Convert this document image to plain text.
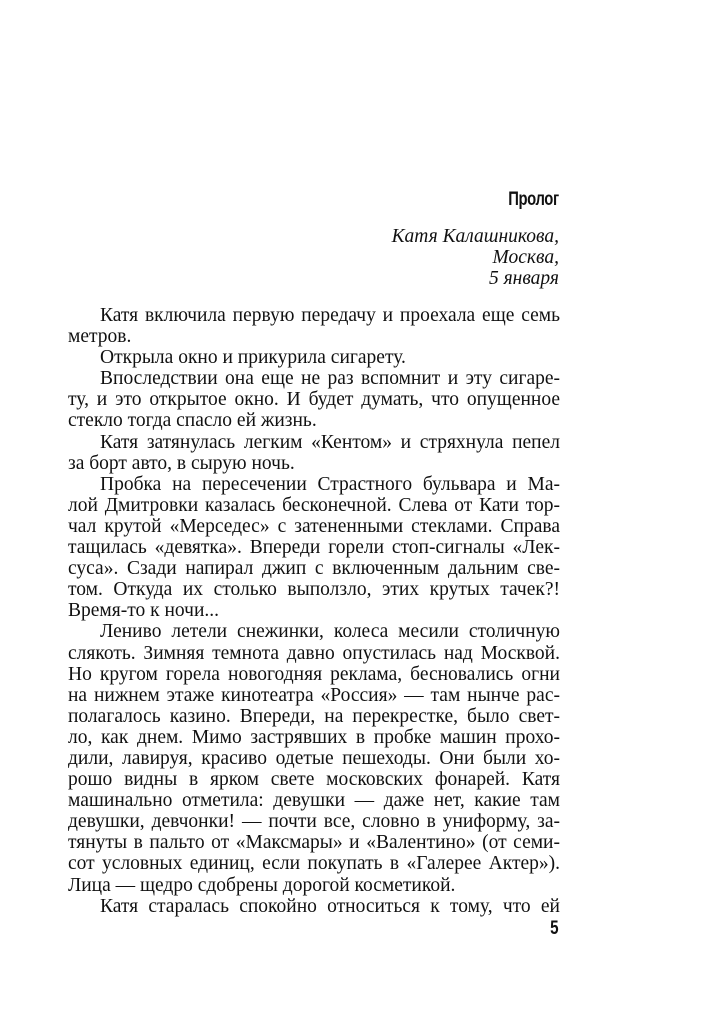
Пролог
Катя Калашникова,
Москва,
5 января
Катя включила первую передачу и проехала еще семь
метров.
Открыла окно и прикурила сигарету.
Впоследствии она еще не раз вспомнит и эту сигаре-
ту, и это открытое окно. И будет думать, что опущенное
стекло тогда спасло ей жизнь.
Катя затянулась легким «Кентом» и стряхнула пепел
за борт авто, в сырую ночь.
Пробка на пересечении Страстного бульвара и Ма-
лой Дмитровки казалась бесконечной. Слева от Кати тор-
чал крутой «Мерседес» с затененными стеклами. Справа
тащилась «девятка». Впереди горели стоп-сигналы «Лек-
суса». Сзади напирал джип с включенным дальним све-
том. Откуда их столько выползло, этих крутых тачек?!
Время-то к ночи...
Лениво летели снежинки, колеса месили столичную
слякоть. Зимняя темнота давно опустилась над Москвой.
Но кругом горела новогодняя реклама, бесновались огни
на нижнем этаже кинотеатра «Россия» — там нынче рас-
полагалось казино. Впереди, на перекрестке, было свет-
ло, как днем. Мимо застрявших в пробке машин прохо-
дили, лавируя, красиво одетые пешеходы. Они были хо-
рошо видны в ярком свете московских фонарей. Катя
машинально отметила: девушки — даже нет, какие там
девушки, девчонки! — почти все, словно в униформу, за-
тянуты в пальто от «Максмары» и «Валентино» (от семи-
сот условных единиц, если покупать в «Галерее Актер»).
Лица — щедро сдобрены дорогой косметикой.
Катя старалась спокойно относиться к тому, что ей
5
